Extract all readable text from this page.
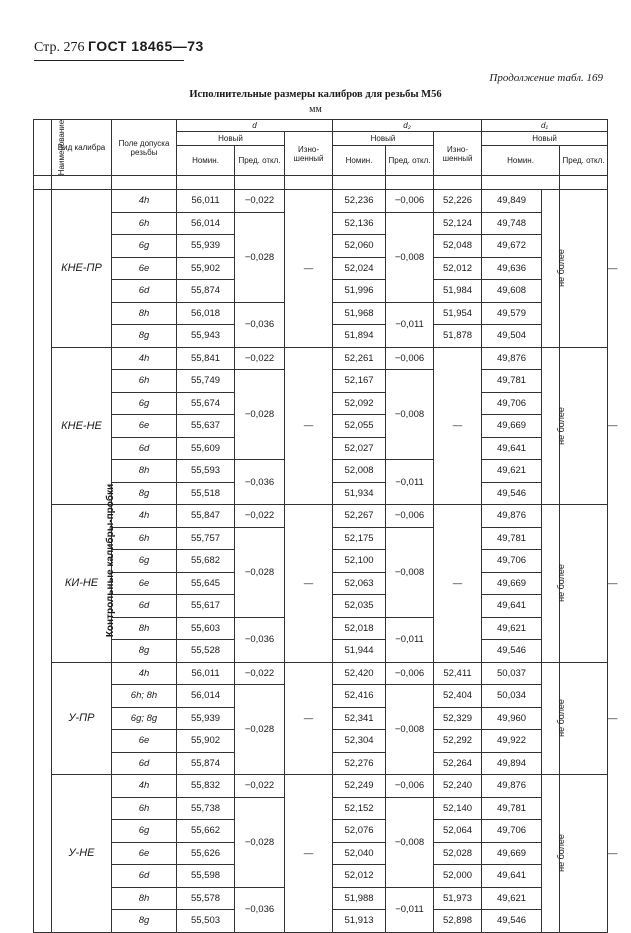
Стр. 276 ГОСТ 18465—73
Продолжение табл. 169
Исполнительные размеры калибров для резьбы М56
мм
Наименование	Вид калибра	Поле допуска резьбы	d			d₂			d₁			
			Новый		Изно-шенный	Новый		Изно-шенный	Новый			
			Номин.	Пред. откл.		Номин.	Пред. откл.		Номин.		Пред. откл.	

Контрольные калибры-пробки	КНЕ-ПР	4h	56,011	−0,022	—	52,236	−0,006	52,226	49,849	не более		—
		6h	56,014	−0,028		52,136	−0,008	52,124	49,748			
		6g	55,939			52,060		52,048	49,672			
		6e	55,902			52,024		52,012	49,636			
		6d	55,874			51,996		51,984	49,608			
		8h	56,018	−0,036		51,968	−0,011	51,954	49,579			
		8g	55,943			51,894		51,878	49,504			
	КНЕ-НЕ	4h	55,841	−0,022	—	52,261	−0,006	—	49,876	не более		—
		6h	55,749	−0,028		52,167	−0,008		49,781			
		6g	55,674			52,092			49,706			
		6e	55,637			52,055			49,669			
		6d	55,609			52,027			49,641			
		8h	55,593	−0,036		52,008	−0,011		49,621			
		8g	55,518			51,934			49,546			
	КИ-НЕ	4h	55,847	−0,022	—	52,267	−0,006	—	49,876	не более		—
		6h	55,757	−0,028		52,175	−0,008		49,781			
		6g	55,682			52,100			49,706			
		6e	55,645			52,063			49,669			
		6d	55,617			52,035			49,641			
		8h	55,603	−0,036		52,018	−0,011		49,621			
		8g	55,528			51,944			49,546			
	У-ПР	4h	56,011	−0,022	—	52,420	−0,006	52,411	50,037	не более		—
		6h; 8h	56,014	−0,028		52,416	−0,008	52,404	50,034			
		6g; 8g	55,939			52,341		52,329	49,960			
		6e	55,902			52,304		52,292	49,922			
		6d	55,874			52,276		52,264	49,894			
	У-НЕ	4h	55,832	−0,022	—	52,249	−0,006	52,240	49,876	не более		—
		6h	55,738	−0,028		52,152	−0,008	52,140	49,781			
		6g	55,662			52,076		52,064	49,706			
		6e	55,626			52,040		52,028	49,669			
		6d	55,598			52,012		52,000	49,641			
		8h	55,578	−0,036		51,988	−0,011	51,973	49,621			
		8g	55,503			51,913		52,898	49,546			
